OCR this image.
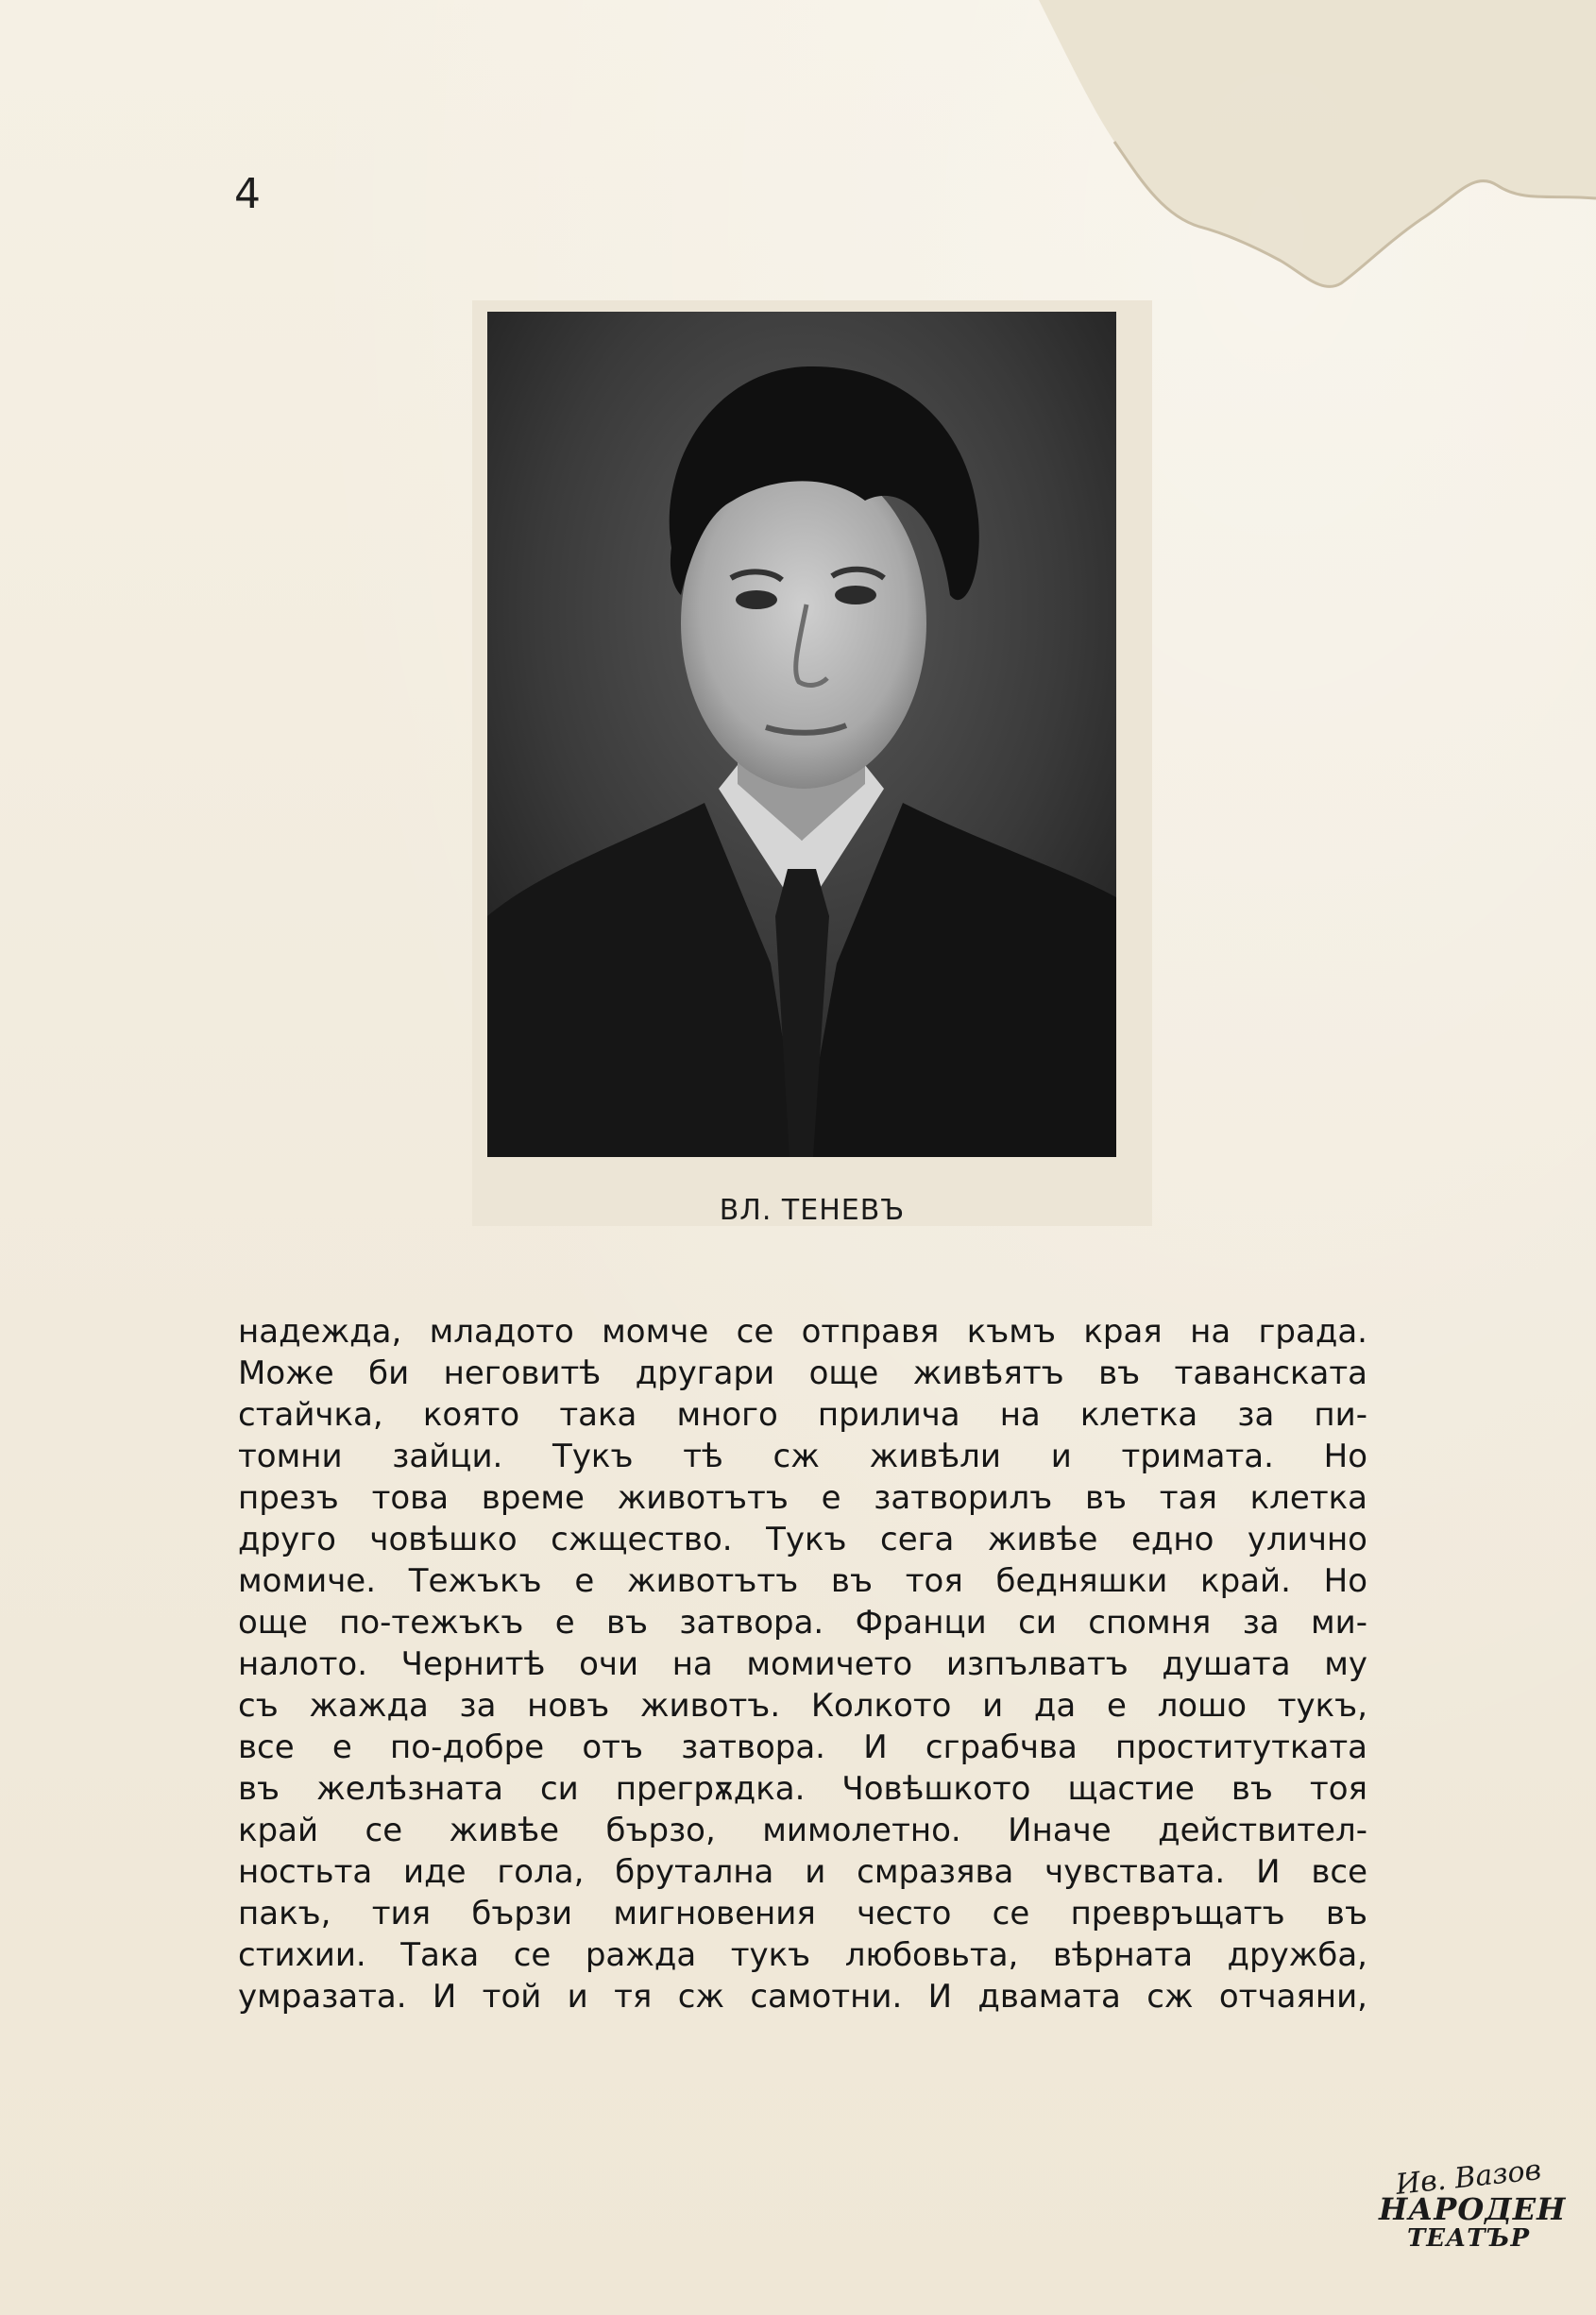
4
ВЛ. ТЕНЕВЪ
надежда, младото момче се отправя къмъ края на града.
Може би неговитѣ другари още живѣятъ въ таванската
стайчка, която така много прилича на клетка за пи-
томни зайци. Тукъ тѣ сж живѣли и тримата. Но
презъ това време животътъ е затворилъ въ тая клетка
друго човѣшко сжщество. Тукъ сега живѣе едно улично
момиче. Тежъкъ е животътъ въ тоя бедняшки край. Но
още по-тежъкъ е въ затвора. Франци си спомня за ми-
налото. Чернитѣ очи на момичето изпълватъ душата му
съ жажда за новъ животъ. Колкото и да е лошо тукъ,
все е по-добре отъ затвора. И сграбчва проститутката
въ желѣзната си прегрѫдка. Човѣшкото щастие въ тоя
край се живѣе бързо, мимолетно. Иначе действител-
ностьта иде гола, брутална и смразява чувствата. И все
пакъ, тия бързи мигновения често се превръщатъ въ
стихии. Така се ражда тукъ любовьта, вѣрната дружба,
умразата. И той и тя сж самотни. И двамата сж отчаяни,
Ив. Вазов
НАРОДЕН
ТЕАТЪР
